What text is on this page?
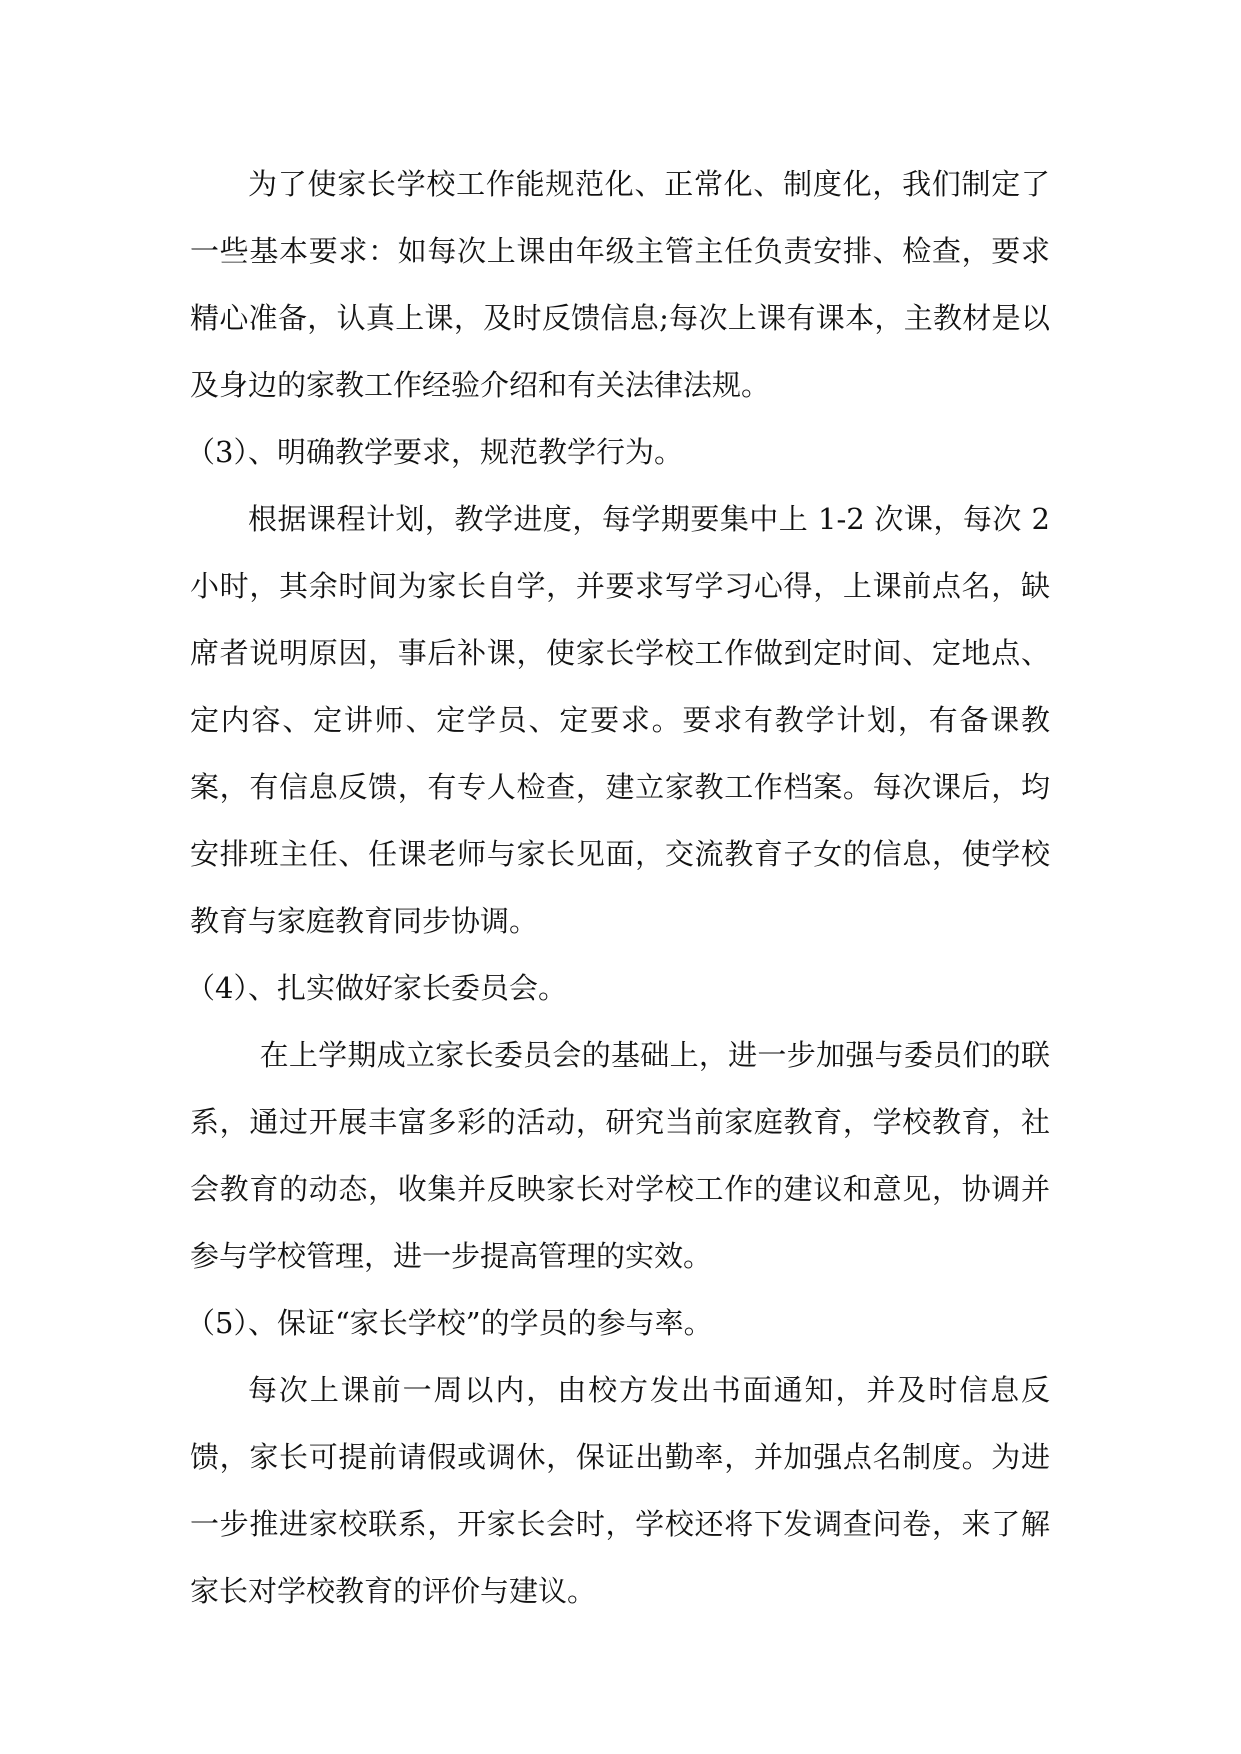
为了使家长学校工作能规范化、正常化、制度化，我们制定了一些基本要求：如每次上课由年级主管主任负责安排、检查，要求精心准备，认真上课，及时反馈信息;每次上课有课本，主教材是以及身边的家教工作经验介绍和有关法律法规。

（3）、明确教学要求，规范教学行为。

根据课程计划，教学进度，每学期要集中上 1-2 次课，每次 2 小时，其余时间为家长自学，并要求写学习心得，上课前点名，缺席者说明原因，事后补课，使家长学校工作做到定时间、定地点、定内容、定讲师、定学员、定要求。要求有教学计划，有备课教案，有信息反馈，有专人检查，建立家教工作档案。每次课后，均安排班主任、任课老师与家长见面，交流教育子女的信息，使学校教育与家庭教育同步协调。

（4）、扎实做好家长委员会。

在上学期成立家长委员会的基础上，进一步加强与委员们的联系，通过开展丰富多彩的活动，研究当前家庭教育，学校教育，社会教育的动态，收集并反映家长对学校工作的建议和意见，协调并参与学校管理，进一步提高管理的实效。

（5）、保证“家长学校”的学员的参与率。

每次上课前一周以内，由校方发出书面通知，并及时信息反馈，家长可提前请假或调休，保证出勤率，并加强点名制度。为进一步推进家校联系，开家长会时，学校还将下发调查问卷，来了解家长对学校教育的评价与建议。
